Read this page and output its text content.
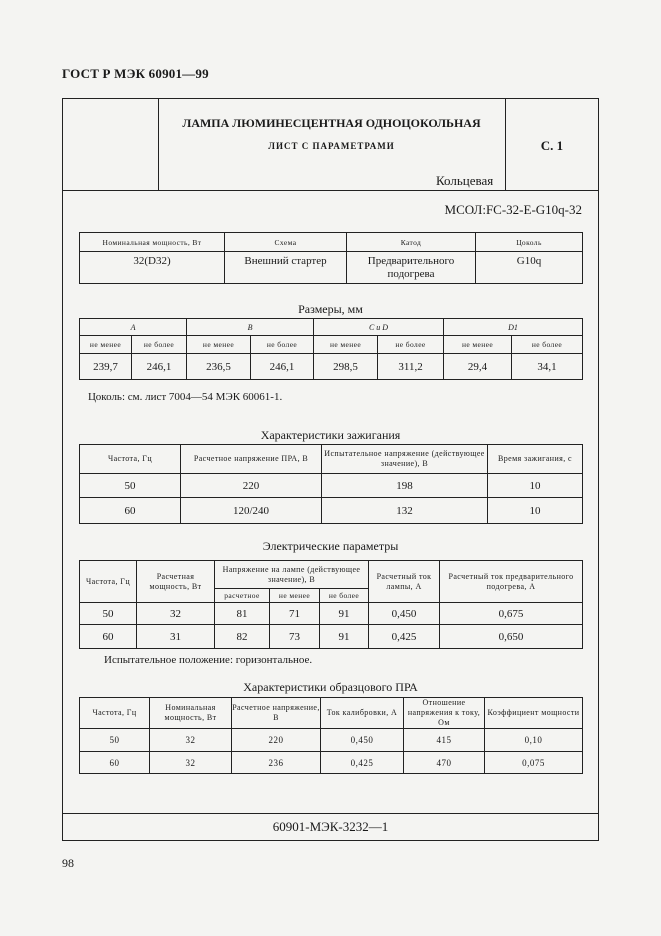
ГОСТ Р МЭК 60901—99
ЛАМПА ЛЮМИНЕСЦЕНТНАЯ ОДНОЦОКОЛЬНАЯ
ЛИСТ С ПАРАМЕТРАМИ
Кольцевая
С. 1
МСОЛ:FC-32-E-G10q-32
Номинальная мощность, Вт	Схема	Катод	Цоколь
32(D32)	Внешний стартер	Предварительного подогрева	G10q
Размеры, мм
A		B		C и D		D1	
не менее	не более	не менее	не более	не менее	не более	не менее	не более
239,7	246,1	236,5	246,1	298,5	311,2	29,4	34,1
Цоколь: см. лист 7004—54 МЭК 60061-1.
Характеристики зажигания
Частота, Гц	Расчетное напряжение ПРА, В	Испытательное напряжение (действующее значение), В	Время зажигания, с
50	220	198	10
60	120/240	132	10
Электрические параметры
Частота, Гц	Расчетная мощность, Вт	Напряжение на лампе (действующее значение), В			Расчетный ток лампы, А	Расчетный ток предварительного подогрева, А
		расчетное	не менее	не более		
50	32	81	71	91	0,450	0,675
60	31	82	73	91	0,425	0,650
Испытательное положение: горизонтальное.
Характеристики образцового ПРА
Частота, Гц	Номинальная мощность, Вт	Расчетное напряжение, В	Ток калибровки, А	Отношение напряжения к току, Ом	Коэффициент мощности
50	32	220	0,450	415	0,10
60	32	236	0,425	470	0,075
60901-МЭК-3232—1
98
